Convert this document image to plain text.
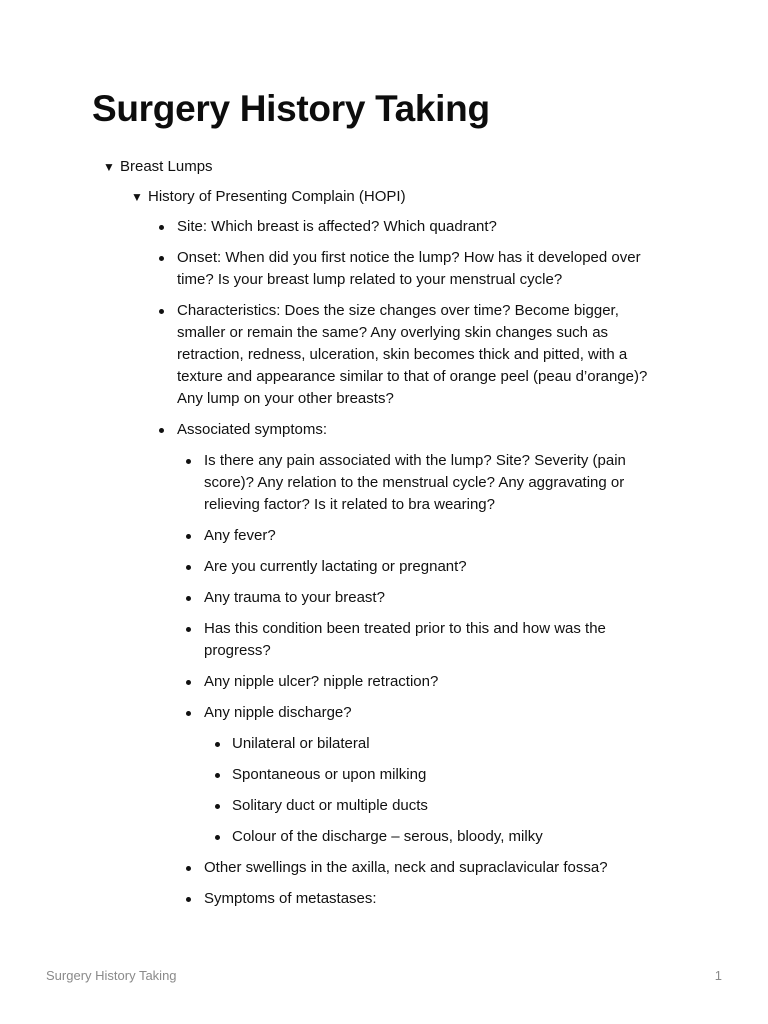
Surgery History Taking
▼ Breast Lumps
▼ History of Presenting Complain (HOPI)
Site: Which breast is affected? Which quadrant?
Onset: When did you first notice the lump? How has it developed over time? Is your breast lump related to your menstrual cycle?
Characteristics: Does the size changes over time? Become bigger, smaller or remain the same? Any overlying skin changes such as retraction, redness, ulceration, skin becomes thick and pitted, with a texture and appearance similar to that of orange peel (peau d’orange)? Any lump on your other breasts?
Associated symptoms:
Is there any pain associated with the lump? Site? Severity (pain score)? Any relation to the menstrual cycle? Any aggravating or relieving factor? Is it related to bra wearing?
Any fever?
Are you currently lactating or pregnant?
Any trauma to your breast?
Has this condition been treated prior to this and how was the progress?
Any nipple ulcer? nipple retraction?
Any nipple discharge?
Unilateral or bilateral
Spontaneous or upon milking
Solitary duct or multiple ducts
Colour of the discharge – serous, bloody, milky
Other swellings in the axilla, neck and supraclavicular fossa?
Symptoms of metastases:
Surgery History Taking	1
